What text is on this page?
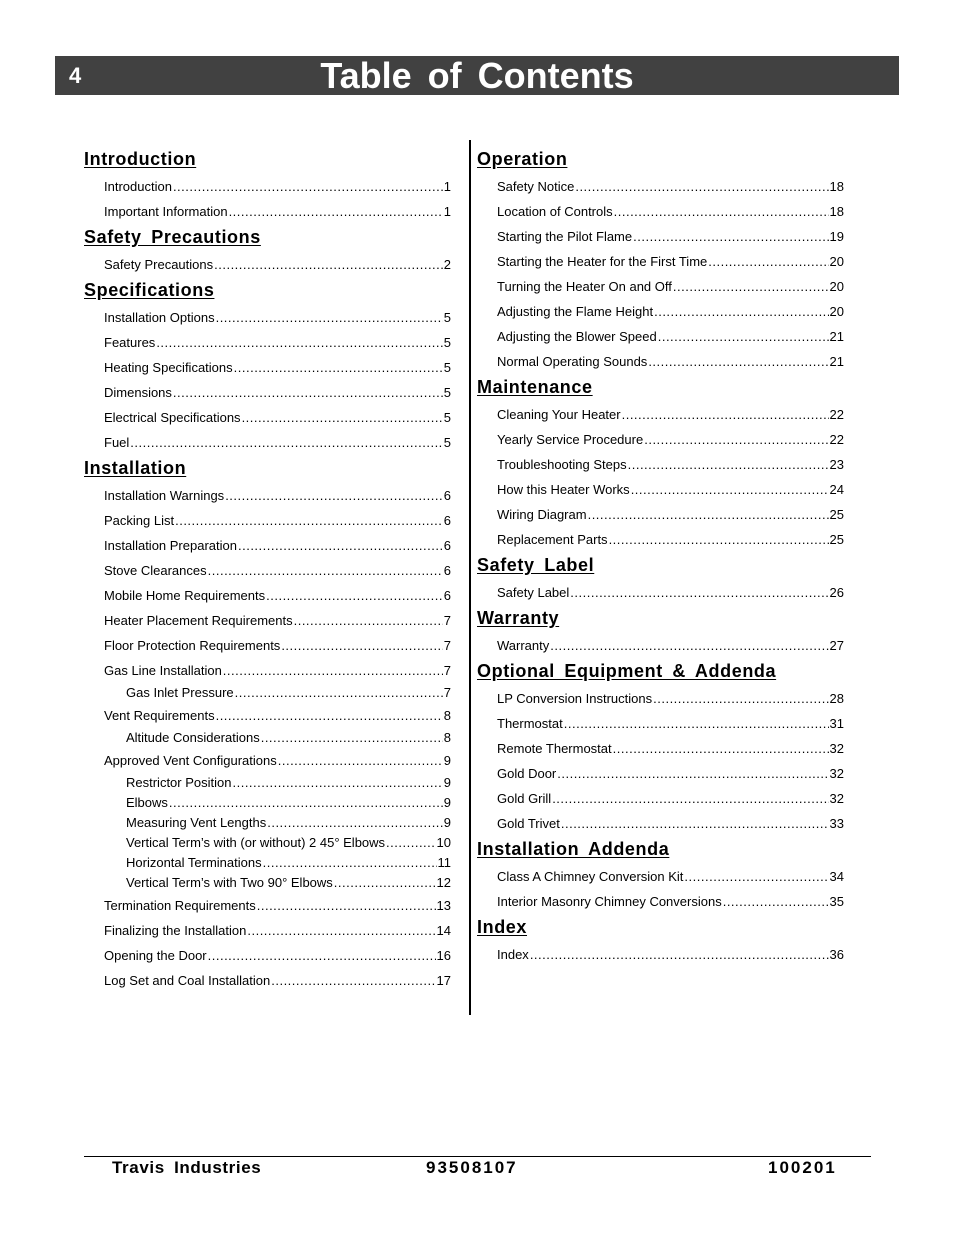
Table of Contents
4
Introduction
Introduction .....	1
Important Information .....	1
Safety Precautions
Safety Precautions .....	2
Specifications
Installation Options .....	5
Features .....	5
Heating Specifications .....	5
Dimensions .....	5
Electrical Specifications .....	5
Fuel .....	5
Installation
Installation Warnings .....	6
Packing List .....	6
Installation Preparation .....	6
Stove Clearances .....	6
Mobile Home Requirements .....	6
Heater Placement Requirements .....	7
Floor Protection Requirements .....	7
Gas Line Installation .....	7
Gas Inlet Pressure .....	7
Vent Requirements .....	8
Altitude Considerations .....	8
Approved Vent Configurations .....	9
Restrictor Position .....	9
Elbows .....	9
Measuring Vent Lengths .....	9
Vertical Term’s with (or without) 2 45° Elbows .....	10
Horizontal Terminations .....	11
Vertical Term’s with Two 90° Elbows .....	12
Termination Requirements .....	13
Finalizing the Installation .....	14
Opening the Door .....	16
Log Set and Coal Installation .....	17
Operation
Safety Notice .....	18
Location of Controls .....	18
Starting the Pilot Flame .....	19
Starting the Heater for the First Time .....	20
Turning the Heater On and Off .....	20
Adjusting the Flame Height .....	20
Adjusting the Blower Speed .....	21
Normal Operating Sounds .....	21
Maintenance
Cleaning Your Heater .....	22
Yearly Service Procedure .....	22
Troubleshooting Steps .....	23
How this Heater Works .....	24
Wiring Diagram .....	25
Replacement Parts .....	25
Safety Label
Safety Label .....	26
Warranty
Warranty .....	27
Optional Equipment & Addenda
LP Conversion Instructions .....	28
Thermostat .....	31
Remote Thermostat .....	32
Gold Door .....	32
Gold Grill .....	32
Gold Trivet .....	33
Installation Addenda
Class A Chimney Conversion Kit .....	34
Interior Masonry Chimney Conversions .....	35
Index
Index .....	36
Travis Industries	93508107	100201
